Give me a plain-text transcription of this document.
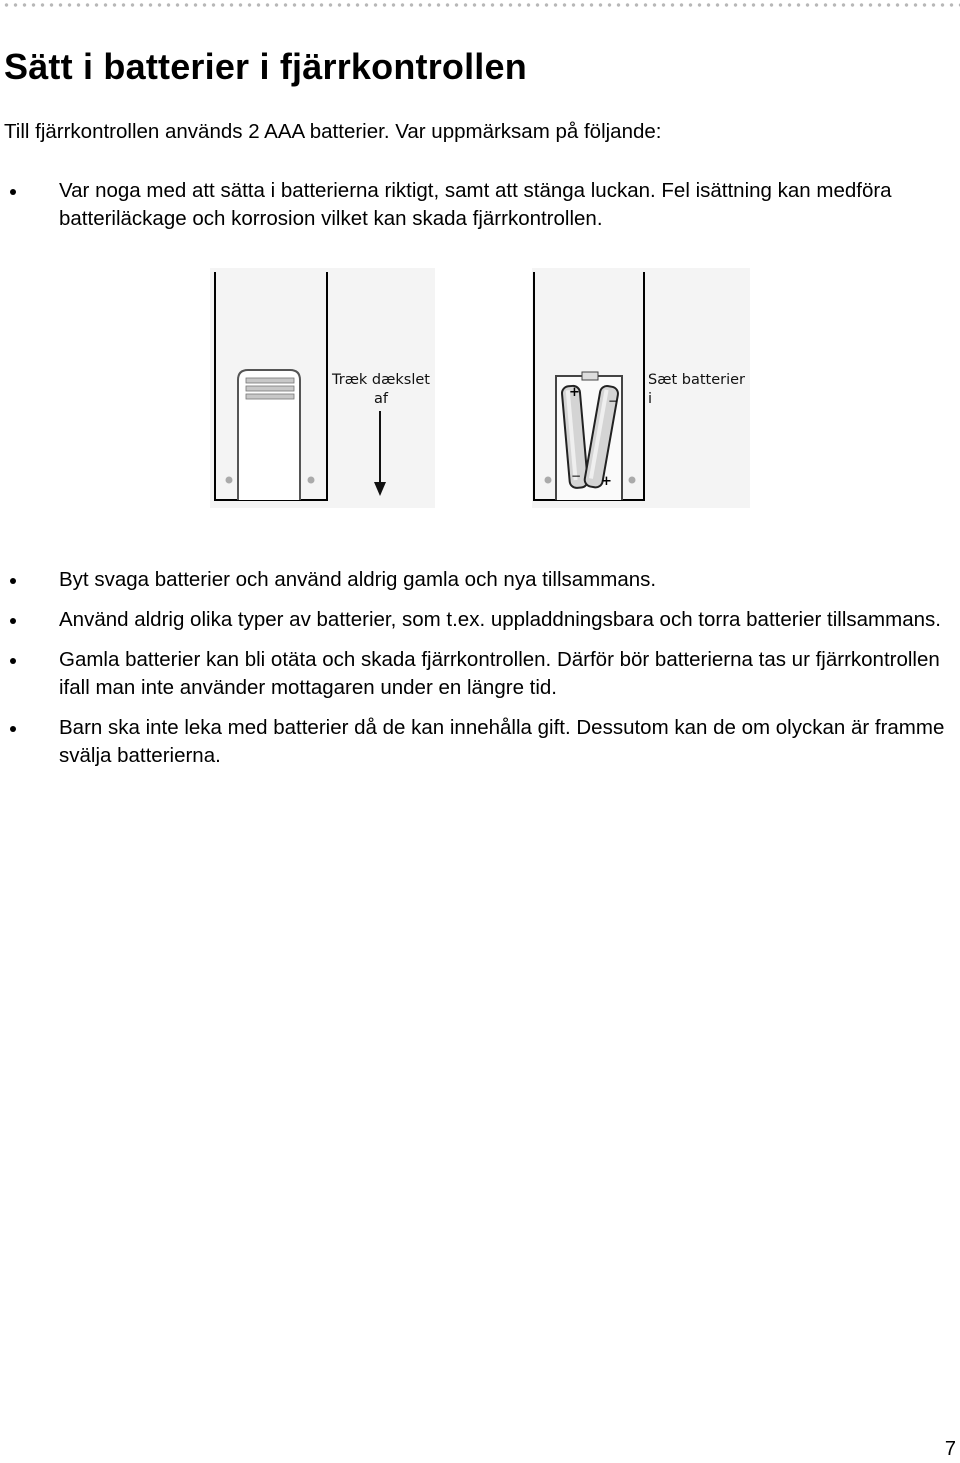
Sätt i batterier i fjärrkontrollen

Till fjärrkontrollen används 2 AAA batterier. Var uppmärksam på följande:

Var noga med att sätta i batterierna riktigt, samt att stänga luckan. Fel isättning kan medföra batteriläckage och korrosion vilket kan skada fjärrkontrollen.
+
+
−
−
Træk dækslet
af
Sæt batterier i
Byt svaga batterier och använd aldrig gamla och nya tillsammans.
Använd aldrig olika typer av batterier, som t.ex. uppladdningsbara och torra batterier tillsammans.
Gamla batterier kan bli otäta och skada fjärrkontrollen. Därför bör batterierna tas ur fjärrkontrollen ifall man inte använder mottagaren under en längre tid.
Barn ska inte leka med batterier då de kan innehålla gift. Dessutom kan de om olyckan är framme svälja batterierna.
7
